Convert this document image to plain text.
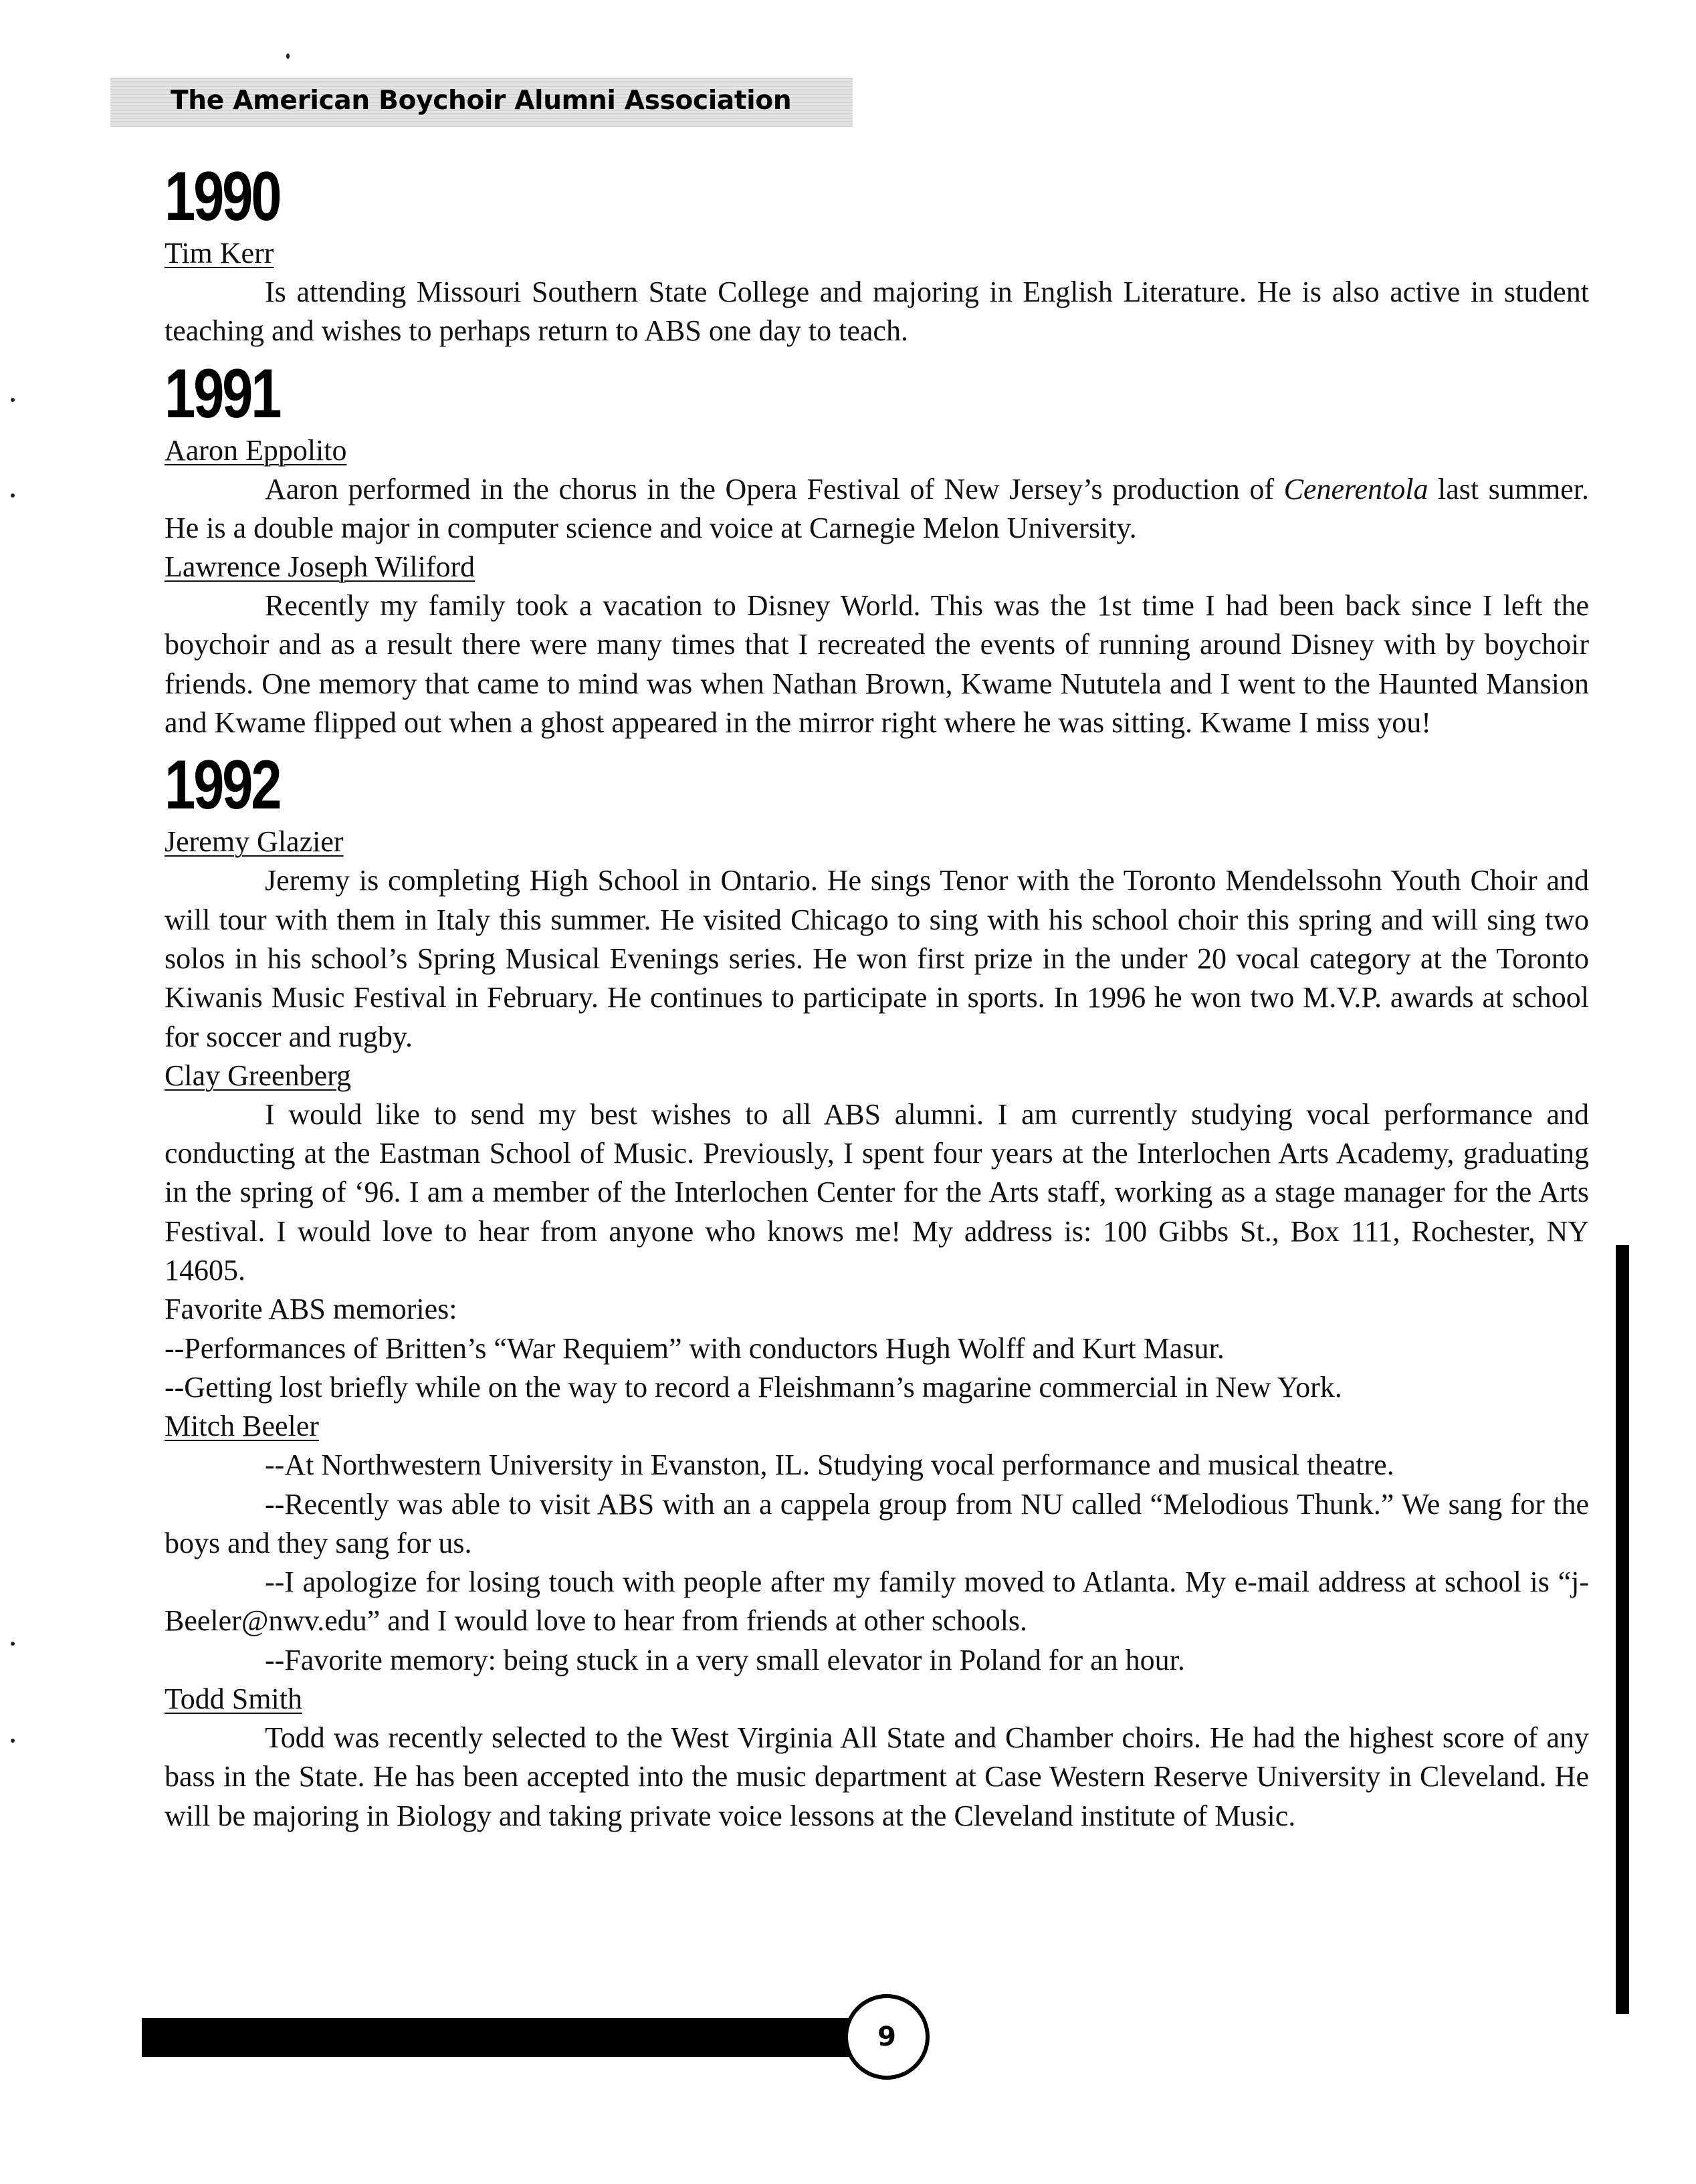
The American Boychoir Alumni Association
1990
Tim Kerr

Is attending Missouri Southern State College and majoring in English Literature. He is also active in student teaching and wishes to perhaps return to ABS one day to teach.

1991
Aaron Eppolito

Aaron performed in the chorus in the Opera Festival of New Jersey’s production of Cenerentola last summer. He is a double major in computer science and voice at Carnegie Melon University.

Lawrence Joseph Wiliford

Recently my family took a vacation to Disney World. This was the 1st time I had been back since I left the boychoir and as a result there were many times that I recreated the events of running around Disney with by boychoir friends. One memory that came to mind was when Nathan Brown, Kwame Nututela and I went to the Haunted Mansion and Kwame flipped out when a ghost appeared in the mirror right where he was sitting. Kwame I miss you!

1992
Jeremy Glazier

Jeremy is completing High School in Ontario. He sings Tenor with the Toronto Mendelssohn Youth Choir and will tour with them in Italy this summer. He visited Chicago to sing with his school choir this spring and will sing two solos in his school’s Spring Musical Evenings series. He won first prize in the under 20 vocal category at the Toronto Kiwanis Music Festival in February. He continues to participate in sports. In 1996 he won two M.V.P. awards at school for soccer and rugby.

Clay Greenberg

I would like to send my best wishes to all ABS alumni. I am currently studying vocal performance and conducting at the Eastman School of Music. Previously, I spent four years at the Interlochen Arts Academy, graduating in the spring of ‘96. I am a member of the Interlochen Center for the Arts staff, working as a stage manager for the Arts Festival. I would love to hear from anyone who knows me! My address is: 100 Gibbs St., Box 111, Rochester, NY 14605.

Favorite ABS memories:

--Performances of Britten’s “War Requiem” with conductors Hugh Wolff and Kurt Masur.

--Getting lost briefly while on the way to record a Fleishmann’s magarine commercial in New York.

Mitch Beeler

--At Northwestern University in Evanston, IL. Studying vocal performance and musical theatre.

--Recently was able to visit ABS with an a cappela group from NU called “Melodious Thunk.” We sang for the boys and they sang for us.

--I apologize for losing touch with people after my family moved to Atlanta. My e-mail address at school is “j-Beeler@nwv.edu” and I would love to hear from friends at other schools.

--Favorite memory: being stuck in a very small elevator in Poland for an hour.

Todd Smith

Todd was recently selected to the West Virginia All State and Chamber choirs. He had the highest score of any bass in the State. He has been accepted into the music department at Case Western Reserve University in Cleveland. He will be majoring in Biology and taking private voice lessons at the Cleveland institute of Music.

9
